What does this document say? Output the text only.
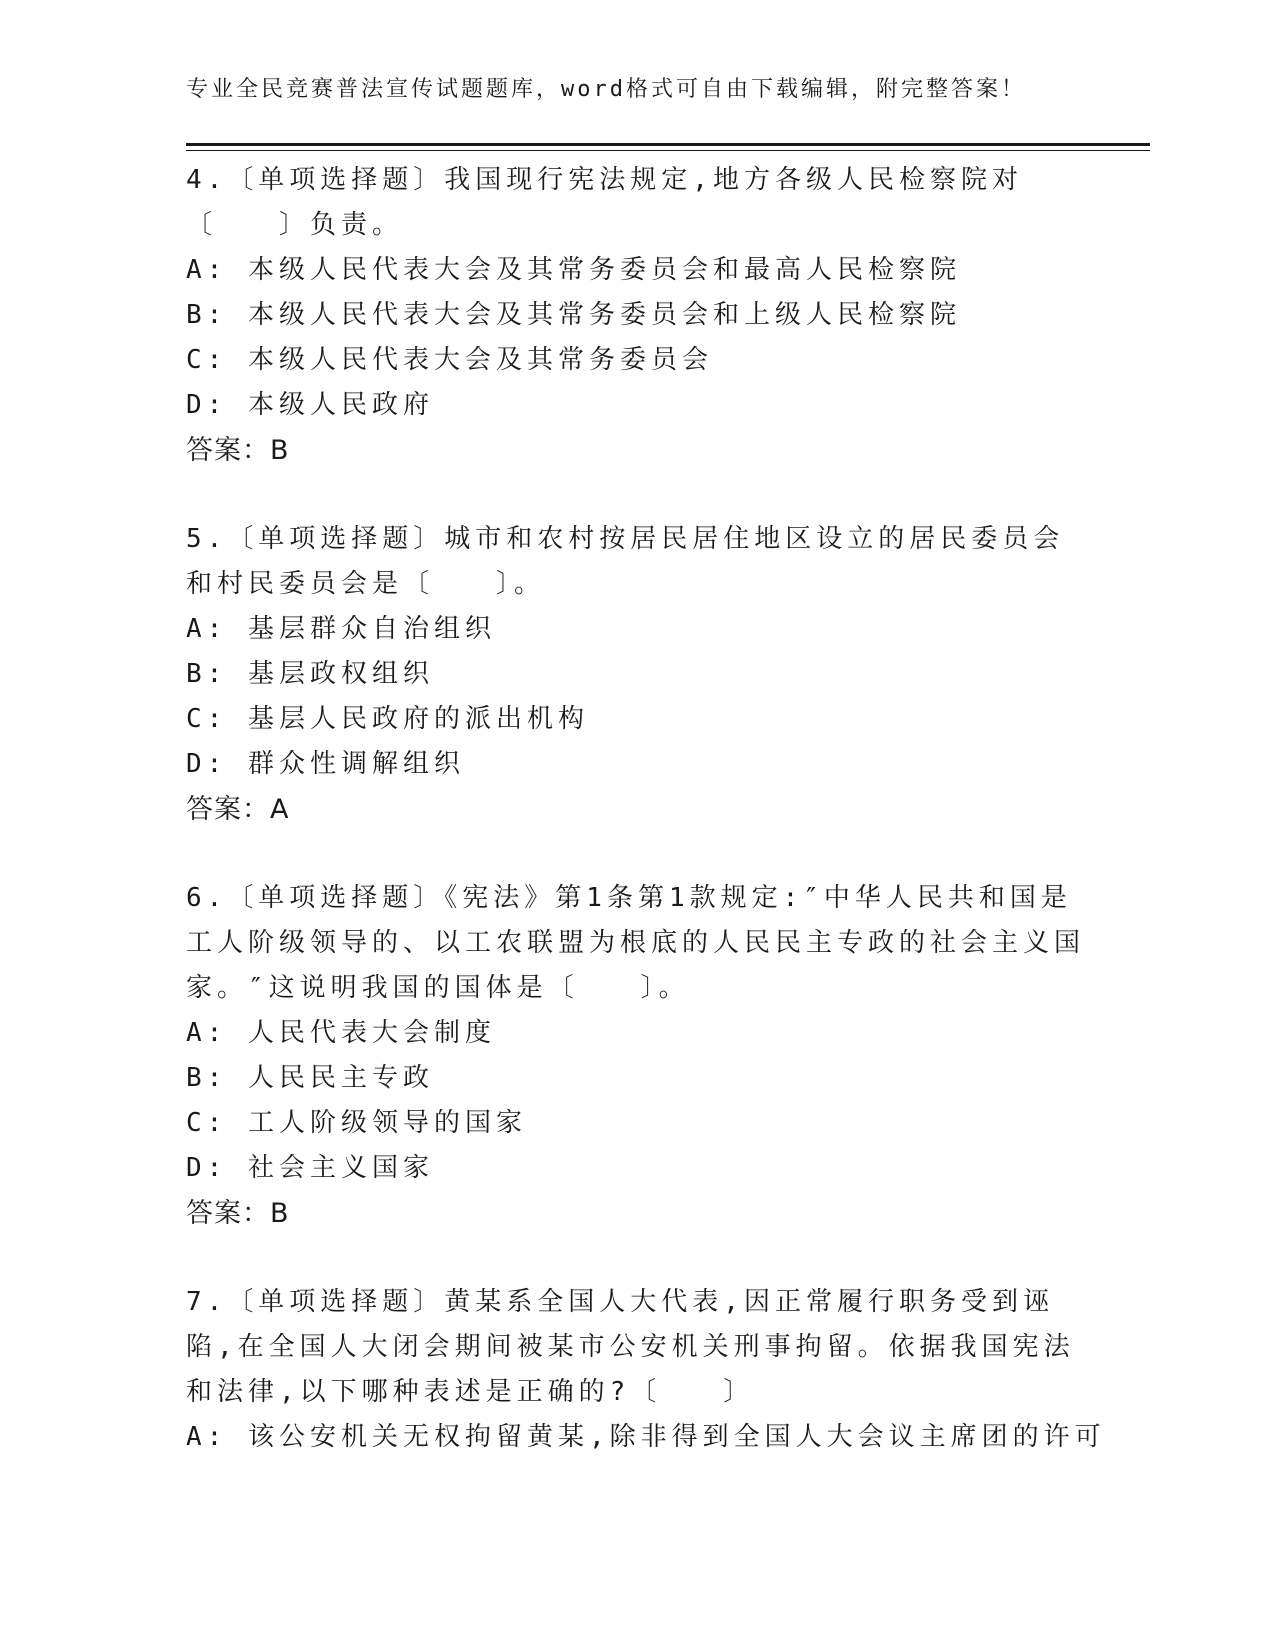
专业全民竞赛普法宣传试题题库，word格式可自由下载编辑，附完整答案！

4.〔单项选择题〕我国现行宪法规定,地方各级人民检察院对〔　　〕负责。

A: 本级人民代表大会及其常务委员会和最高人民检察院

B: 本级人民代表大会及其常务委员会和上级人民检察院

C: 本级人民代表大会及其常务委员会

D: 本级人民政府

答案：B

5.〔单项选择题〕城市和农村按居民居住地区设立的居民委员会和村民委员会是〔　　〕。

A: 基层群众自治组织

B: 基层政权组织

C: 基层人民政府的派出机构

D: 群众性调解组织

答案：A

6.〔单项选择题〕《宪法》第1条第1款规定:″中华人民共和国是工人阶级领导的、以工农联盟为根底的人民民主专政的社会主义国家。″这说明我国的国体是〔　　〕。

A: 人民代表大会制度

B: 人民民主专政

C: 工人阶级领导的国家

D: 社会主义国家

答案：B

7.〔单项选择题〕黄某系全国人大代表,因正常履行职务受到诬陷,在全国人大闭会期间被某市公安机关刑事拘留。依据我国宪法和法律,以下哪种表述是正确的?〔　　〕

A: 该公安机关无权拘留黄某,除非得到全国人大会议主席团的许可
